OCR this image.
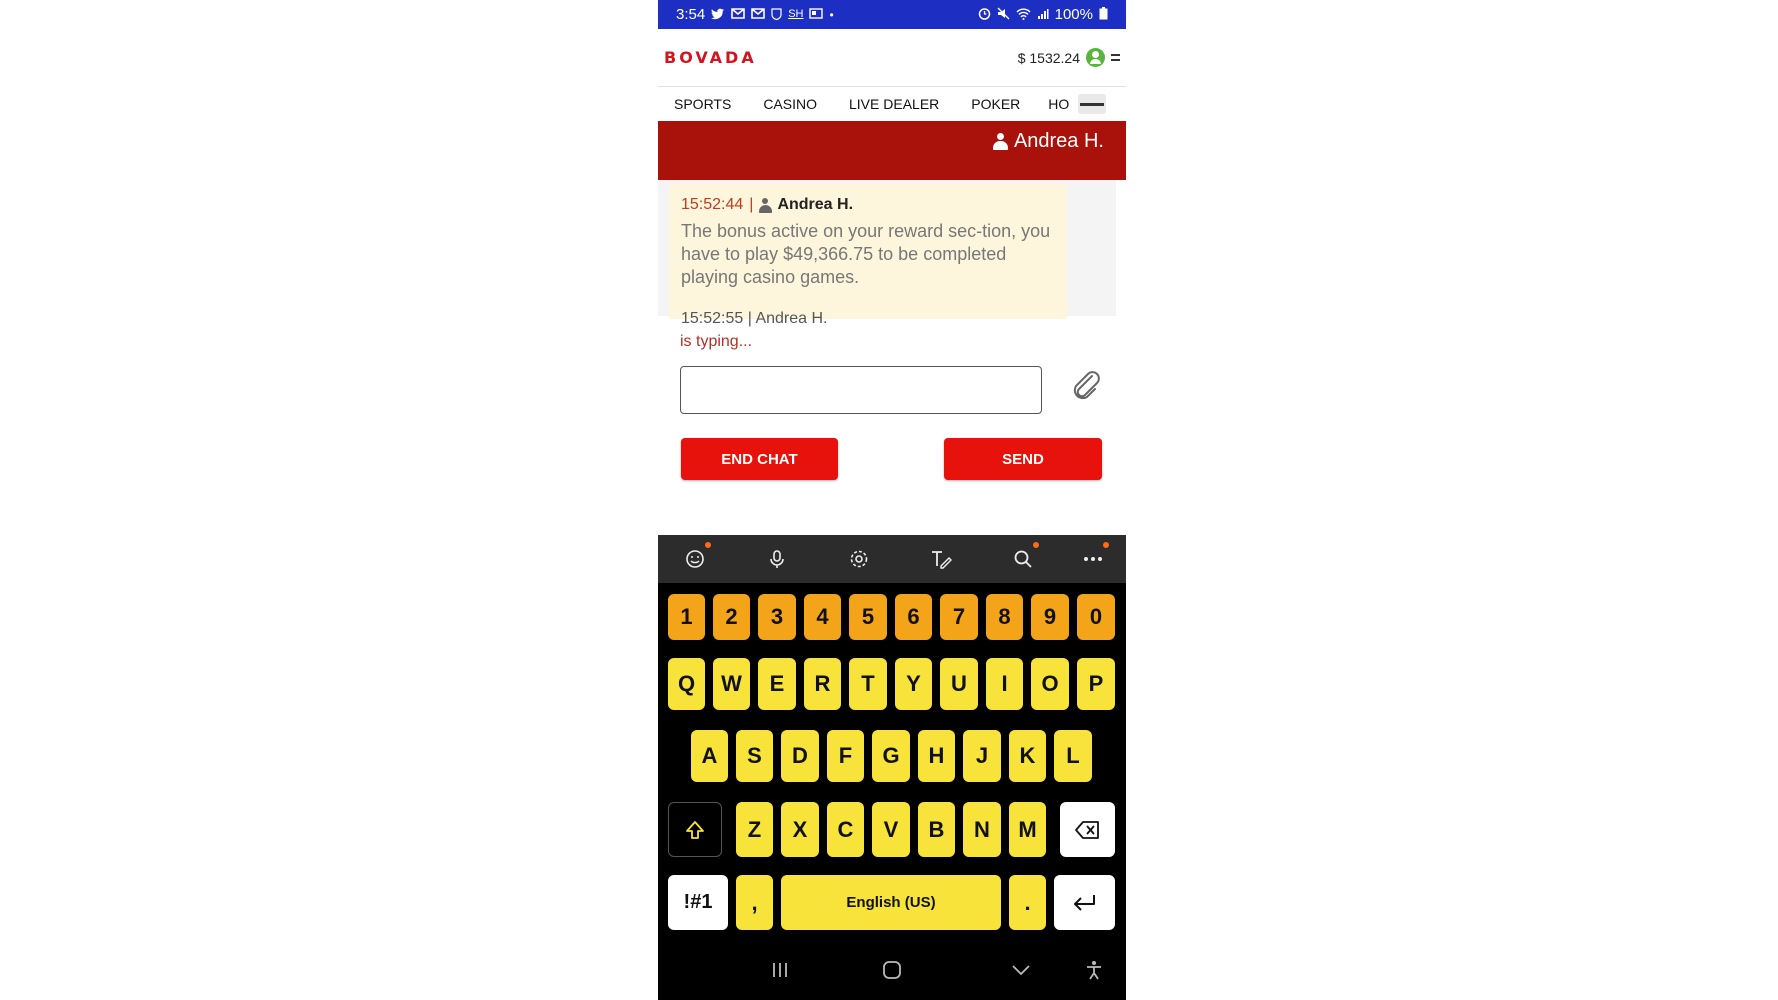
3:54	SH •	100%
BOVADA	$ 1532.24
SPORTS	CASINO	LIVE DEALER	POKER	HO
Andrea H.
15:52:44 | Andrea H.
The bonus active on your reward sec-tion, you have to play $49,366.75 to be completed playing casino games.
15:52:55 | Andrea H.
is typing...
END CHAT	SEND
1	2	3	4	5	6	7	8	9	0
Q	W	E	R	T	Y	U	I	O	P
A	S	D	F	G	H	J	K	L
Z	X	C	V	B	N	M
!#1	,	English (US)	.
